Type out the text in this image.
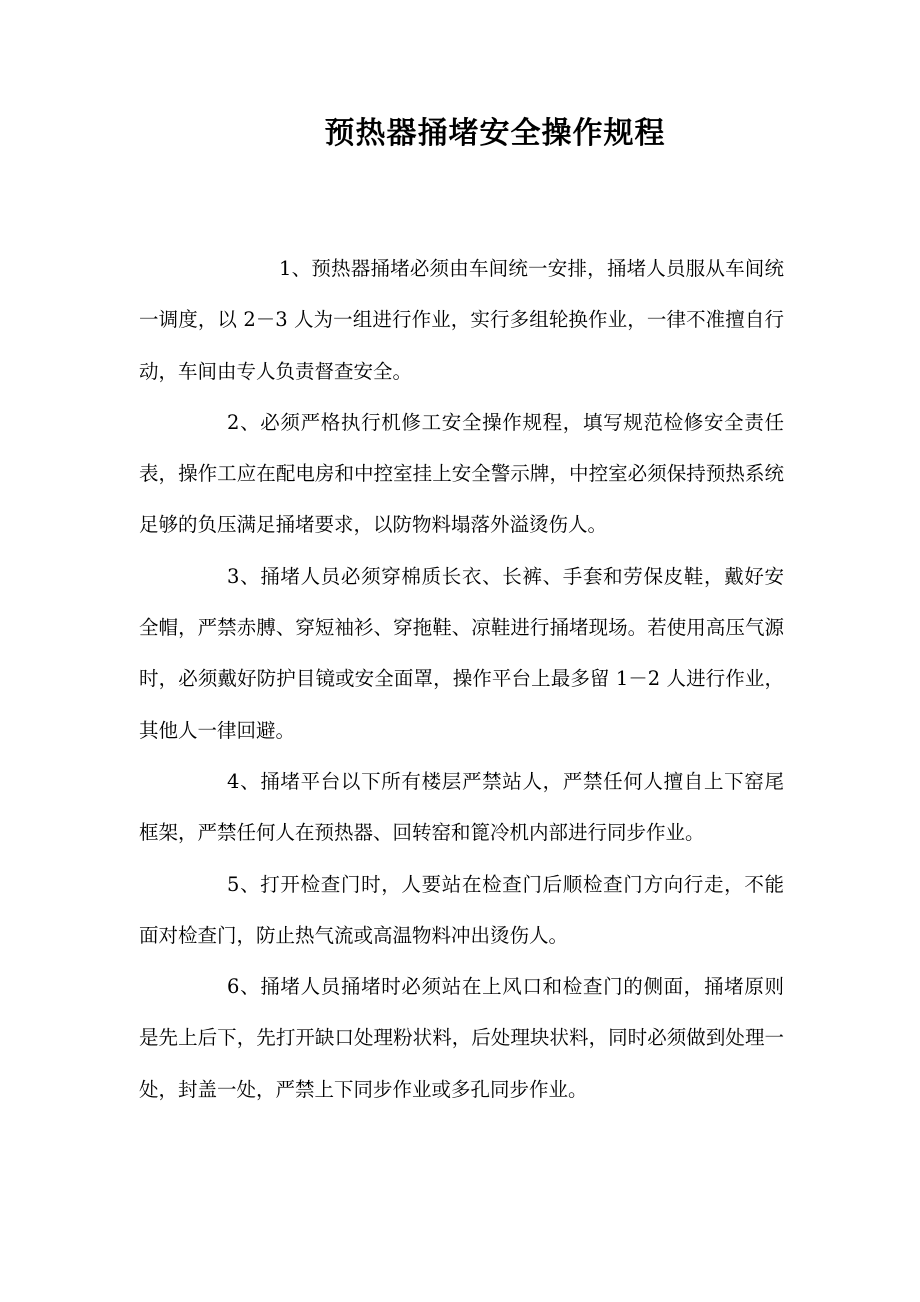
预热器捅堵安全操作规程

1、预热器捅堵必须由车间统一安排，捅堵人员服从车间统一调度，以 2－3 人为一组进行作业，实行多组轮换作业，一律不准擅自行动，车间由专人负责督查安全。

2、必须严格执行机修工安全操作规程，填写规范检修安全责任表，操作工应在配电房和中控室挂上安全警示牌，中控室必须保持预热系统足够的负压满足捅堵要求，以防物料塌落外溢烫伤人。

3、捅堵人员必须穿棉质长衣、长裤、手套和劳保皮鞋，戴好安全帽，严禁赤膊、穿短袖衫、穿拖鞋、凉鞋进行捅堵现场。若使用高压气源时，必须戴好防护目镜或安全面罩，操作平台上最多留 1－2 人进行作业，其他人一律回避。

4、捅堵平台以下所有楼层严禁站人，严禁任何人擅自上下窑尾框架，严禁任何人在预热器、回转窑和篦冷机内部进行同步作业。

5、打开检查门时，人要站在检查门后顺检查门方向行走，不能面对检查门，防止热气流或高温物料冲出烫伤人。

6、捅堵人员捅堵时必须站在上风口和检查门的侧面，捅堵原则是先上后下，先打开缺口处理粉状料，后处理块状料，同时必须做到处理一处，封盖一处，严禁上下同步作业或多孔同步作业。
